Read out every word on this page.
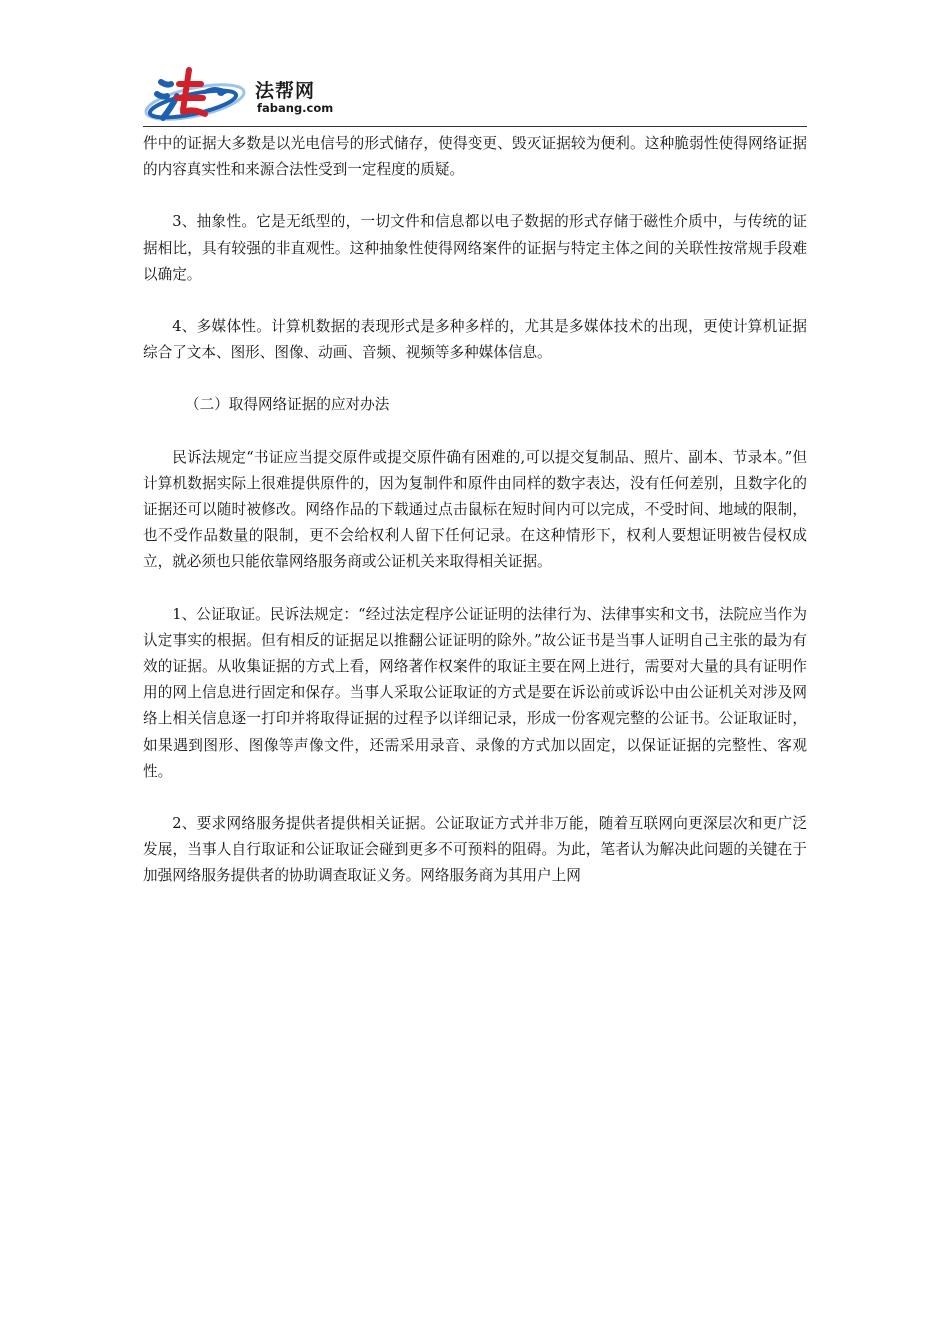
法帮网
fabang.com

件中的证据大多数是以光电信号的形式储存，使得变更、毁灭证据较为便利。这种脆弱性使得网络证据的内容真实性和来源合法性受到一定程度的质疑。

3、抽象性。它是无纸型的，一切文件和信息都以电子数据的形式存储于磁性介质中，与传统的证据相比，具有较强的非直观性。这种抽象性使得网络案件的证据与特定主体之间的关联性按常规手段难以确定。

4、多媒体性。计算机数据的表现形式是多种多样的，尤其是多媒体技术的出现，更使计算机证据综合了文本、图形、图像、动画、音频、视频等多种媒体信息。

（二）取得网络证据的应对办法

民诉法规定“书证应当提交原件或提交原件确有困难的,可以提交复制品、照片、副本、节录本。”但计算机数据实际上很难提供原件的，因为复制件和原件由同样的数字表达，没有任何差别，且数字化的证据还可以随时被修改。网络作品的下载通过点击鼠标在短时间内可以完成，不受时间、地域的限制，也不受作品数量的限制，更不会给权利人留下任何记录。在这种情形下，权利人要想证明被告侵权成立，就必须也只能依靠网络服务商或公证机关来取得相关证据。

1、公证取证。民诉法规定：“经过法定程序公证证明的法律行为、法律事实和文书，法院应当作为认定事实的根据。但有相反的证据足以推翻公证证明的除外。”故公证书是当事人证明自己主张的最为有效的证据。从收集证据的方式上看，网络著作权案件的取证主要在网上进行，需要对大量的具有证明作用的网上信息进行固定和保存。当事人采取公证取证的方式是要在诉讼前或诉讼中由公证机关对涉及网络上相关信息逐一打印并将取得证据的过程予以详细记录，形成一份客观完整的公证书。公证取证时，如果遇到图形、图像等声像文件，还需采用录音、录像的方式加以固定，以保证证据的完整性、客观性。

2、要求网络服务提供者提供相关证据。公证取证方式并非万能，随着互联网向更深层次和更广泛发展，当事人自行取证和公证取证会碰到更多不可预料的阻碍。为此，笔者认为解决此问题的关键在于加强网络服务提供者的协助调查取证义务。网络服务商为其用户上网
